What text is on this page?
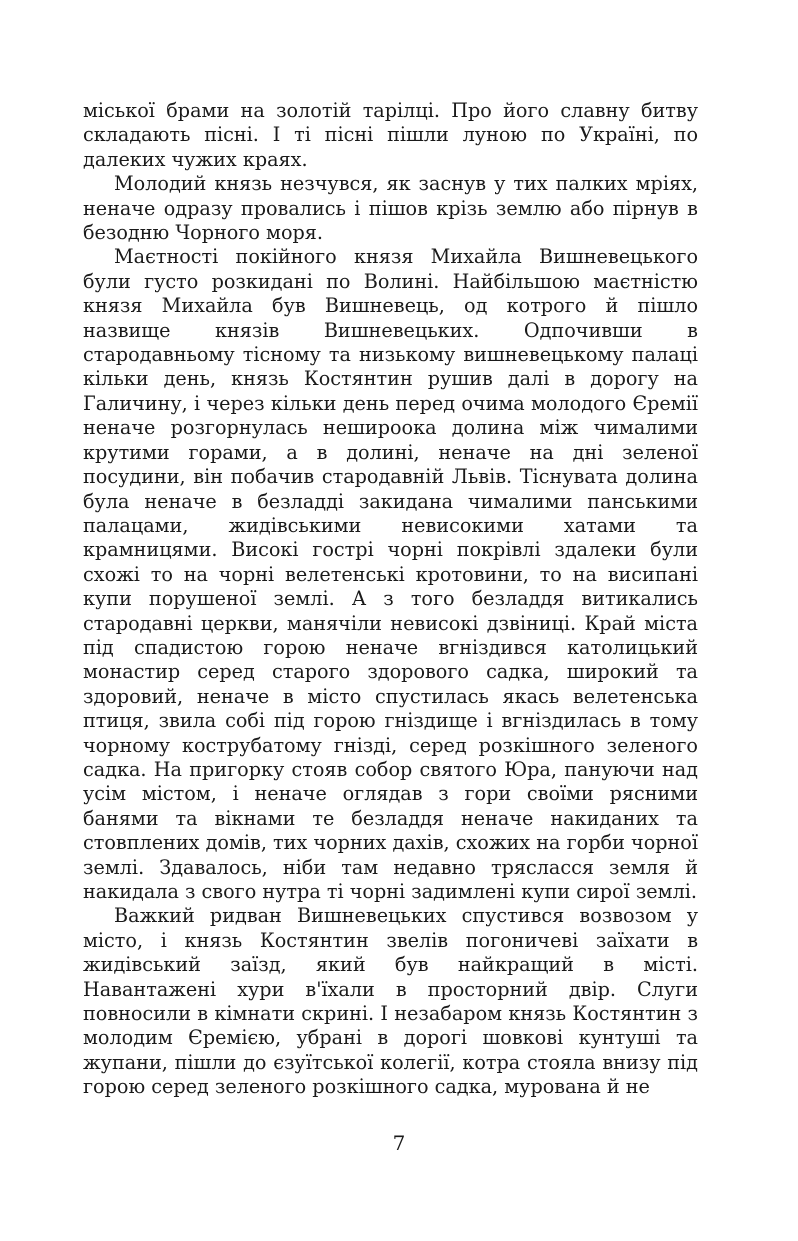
міської брами на золотій тарілці. Про його славну битву складають пісні. І ті пісні пішли луною по Україні, по далеких чужих краях.

Молодий князь незчувся, як заснув у тих палких мріях, неначе одразу провались і пішов крізь землю або пірнув в безодню Чорного моря.

Маєтності покійного князя Михайла Вишневецького були густо розкидані по Волині. Найбільшою маєтністю князя Михайла був Вишневець, од котрого й пішло назвище князів Вишневецьких. Одпочивши в стародавньому тісному та низькому вишневецькому палаці кільки день, князь Костянтин рушив далі в дорогу на Галичину, і через кільки день перед очима молодого Єремії неначе розгорнулась нешироока долина між чималими крутими горами, а в долині, неначе на дні зеленої посудини, він побачив стародавній Львів. Тіснувата долина була неначе в безладді закидана чималими панськими палацами, жидівськими невисокими хатами та крамницями. Високі гострі чорні покрівлі здалеки були схожі то на чорні велетенські кротовини, то на висипані купи порушеної землі. А з того безладдя витикались стародавні церкви, манячіли невисокі дзвіниці. Край міста під спадистою горою неначе вгніздився католицький монастир серед старого здорового садка, широкий та здоровий, неначе в місто спустилась якась велетенська птиця, звила собі під горою гніздище і вгніздилась в тому чорному кострубатому гнізді, серед розкішного зеленого садка. На пригорку стояв собор святого Юра, пануючи над усім містом, і неначе оглядав з гори своїми рясними банями та вікнами те безладдя неначе накиданих та стовплених домів, тих чорних дахів, схожих на горби чорної землі. Здавалось, ніби там недавно трясласся земля й накидала з свого нутра ті чорні задимлені купи сирої землі.

Важкий ридван Вишневецьких спустився возвозом у місто, і князь Костянтин звелів погоничеві заїхати в жидівський заїзд, який був найкращий в місті. Навантажені хури в'їхали в просторний двір. Слуги повносили в кімнати скрині. І незабаром князь Костянтин з молодим Єремією, убрані в дорогі шовкові кунтуші та жупани, пішли до єзуїтської колегії, котра стояла внизу під горою серед зеленого розкішного садка, мурована й не

7
